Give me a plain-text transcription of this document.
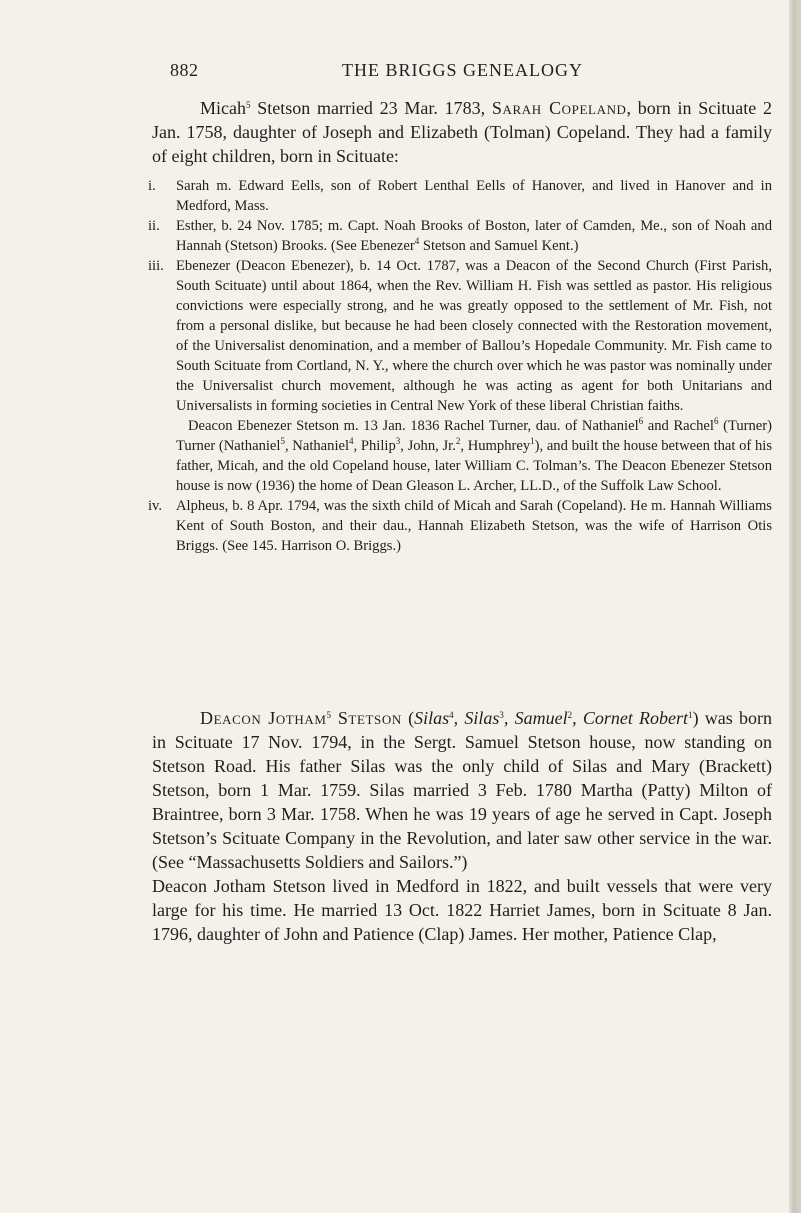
882	THE BRIGGS GENEALOGY

Micah$^5$ Stetson married 23 Mar. 1783, Sarah Copeland, born in Scituate 2 Jan. 1758, daughter of Joseph and Elizabeth (Tolman) Copeland. They had a family of eight children, born in Scituate:

i.	Sarah m. Edward Eells, son of Robert Lenthal Eells of Hanover, and lived in Hanover and in Medford, Mass.
ii.	Esther, b. 24 Nov. 1785; m. Capt. Noah Brooks of Boston, later of Camden, Me., son of Noah and Hannah (Stetson) Brooks. (See Ebenezer$^4$ Stetson and Samuel Kent.)
iii. Ebenezer (Deacon Ebenezer), b. 14 Oct. 1787, was a Deacon of the Second Church (First Parish, South Scituate) until about 1864, when the Rev. William H. Fish was settled as pastor. His religious convictions were especially strong, and he was greatly opposed to the settlement of Mr. Fish, not from a personal dislike, but because he had been closely connected with the Restoration movement, of the Universalist denomination, and a member of Ballou’s Hopedale Community. Mr. Fish came to South Scituate from Cortland, N. Y., where the church over which he was pastor was nominally under the Universalist church movement, although he was acting as agent for both Unitarians and Universalists in forming societies in Central New York of these liberal Christian faiths.
Deacon Ebenezer Stetson m. 13 Jan. 1836 Rachel Turner, dau. of Nathaniel$^6$ and Rachel$^6$ (Turner) Turner (Nathaniel$^5$, Nathaniel$^4$, Philip$^3$, John, Jr.$^2$, Humphrey$^1$), and built the house between that of his father, Micah, and the old Copeland house, later William C. Tolman’s. The Deacon Ebenezer Stetson house is now (1936) the home of Dean Gleason L. Archer, LL.D., of the Suffolk Law School.
iv. Alpheus, b. 8 Apr. 1794, was the sixth child of Micah and Sarah (Copeland). He m. Hannah Williams Kent of South Boston, and their dau., Hannah Elizabeth Stetson, was the wife of Harrison Otis Briggs. (See 145. Harrison O. Briggs.)

Deacon Jotham$^5$ Stetson (Silas$^4$, Silas$^3$, Samuel$^2$, Cornet Robert$^1$) was born in Scituate 17 Nov. 1794, in the Sergt. Samuel Stetson house, now standing on Stetson Road. His father Silas was the only child of Silas and Mary (Brackett) Stetson, born 1 Mar. 1759. Silas married 3 Feb. 1780 Martha (Patty) Milton of Braintree, born 3 Mar. 1758. When he was 19 years of age he served in Capt. Joseph Stetson’s Scituate Company in the Revolution, and later saw other service in the war. (See “Massachusetts Soldiers and Sailors.”)

Deacon Jotham Stetson lived in Medford in 1822, and built vessels that were very large for his time. He married 13 Oct. 1822 Harriet James, born in Scituate 8 Jan. 1796, daughter of John and Patience (Clap) James. Her mother, Patience Clap,
